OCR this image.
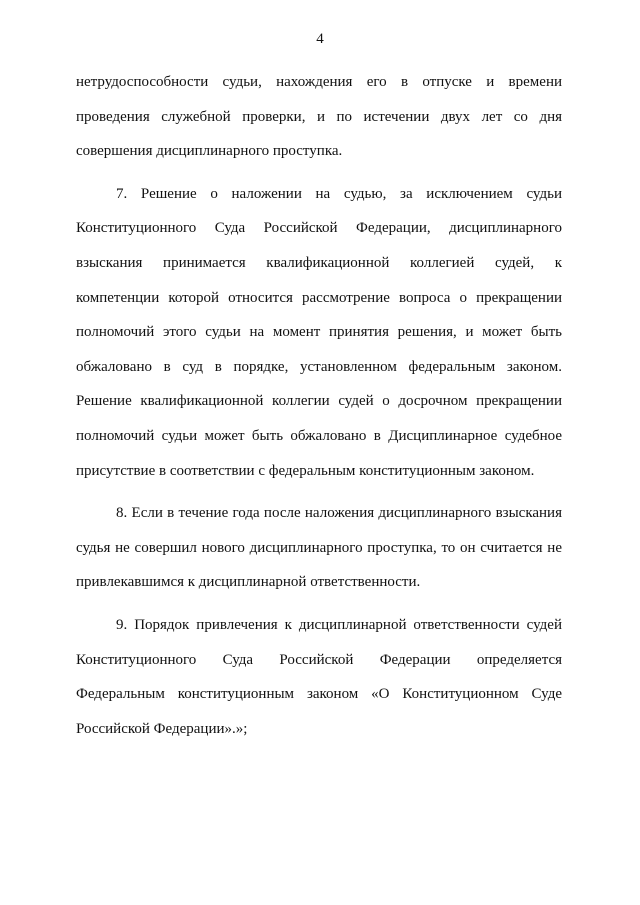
4
нетрудоспособности судьи, нахождения его в отпуске и времени
проведения служебной проверки, и по истечении двух лет со дня
совершения дисциплинарного проступка.
7. Решение о наложении на судью, за исключением судьи
Конституционного Суда Российской Федерации, дисциплинарного
взыскания принимается квалификационной коллегией судей, к
компетенции которой относится рассмотрение вопроса о прекращении
полномочий этого судьи на момент принятия решения, и может быть
обжаловано в суд в порядке, установленном федеральным законом.
Решение квалификационной коллегии судей о досрочном прекращении
полномочий судьи может быть обжаловано в Дисциплинарное судебное
присутствие в соответствии с федеральным конституционным законом.
8. Если в течение года после наложения дисциплинарного взыскания
судья не совершил нового дисциплинарного проступка, то он считается не
привлекавшимся к дисциплинарной ответственности.
9. Порядок привлечения к дисциплинарной ответственности судей
Конституционного Суда Российской Федерации определяется
Федеральным конституционным законом «О Конституционном Суде
Российской Федерации».»;
